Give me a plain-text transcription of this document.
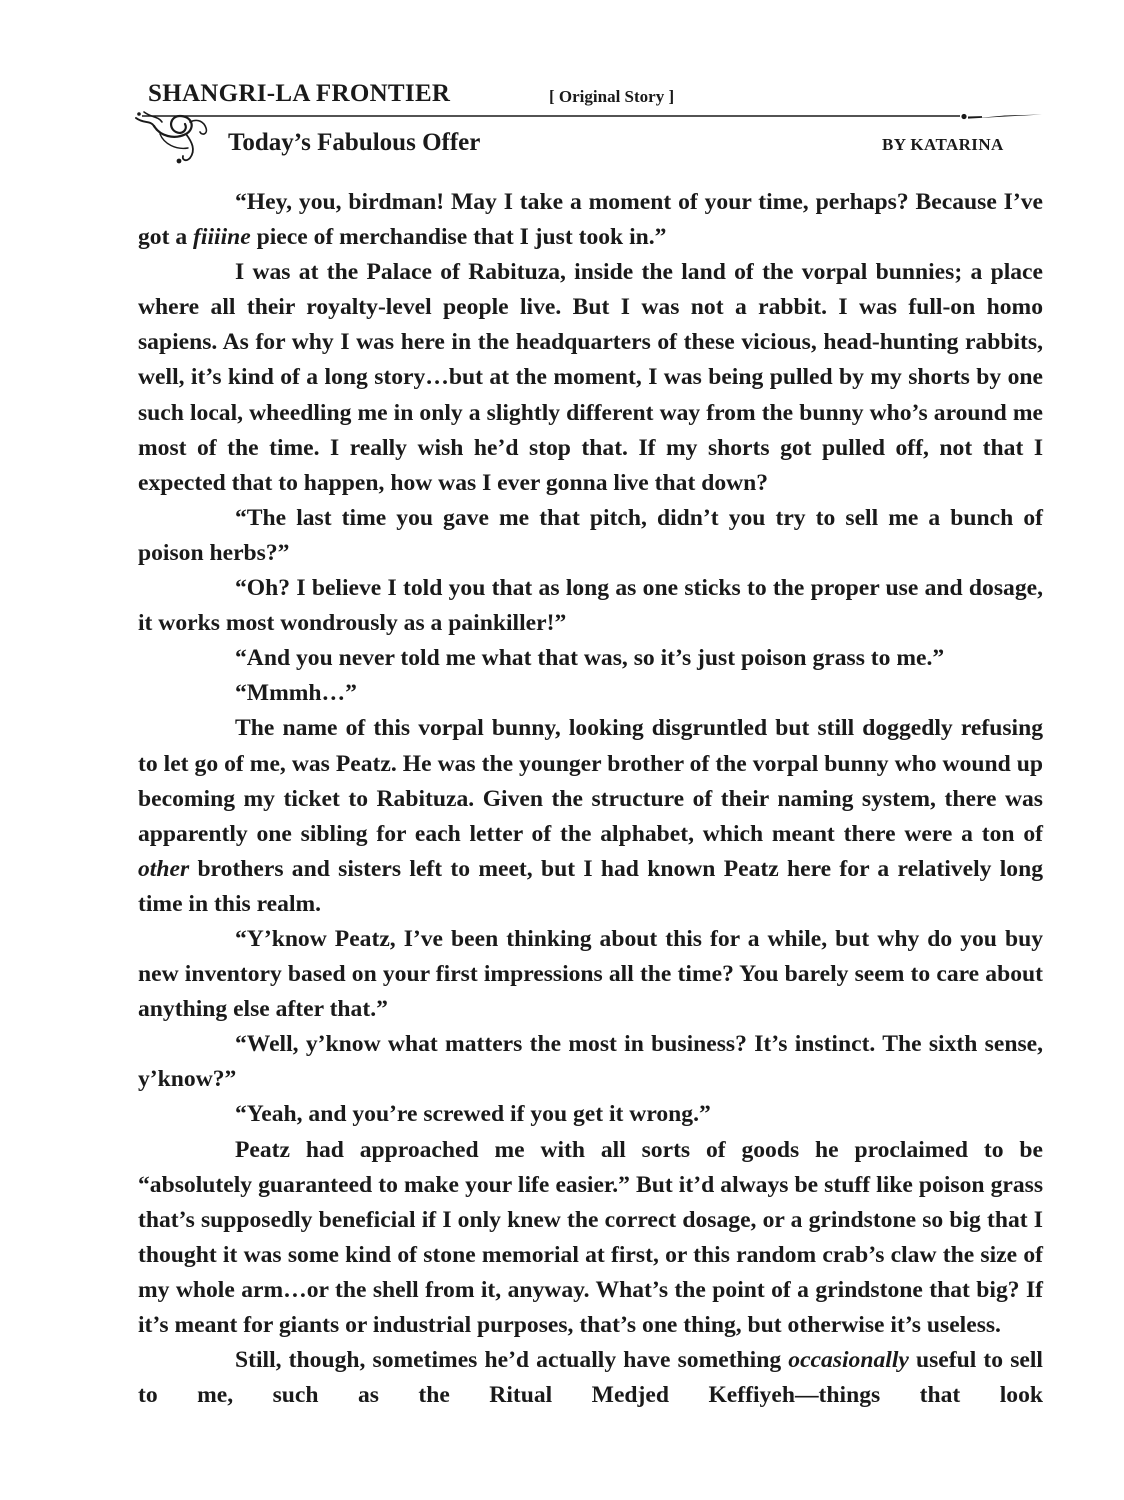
SHANGRI-LA FRONTIER	[ Original Story ]
Today’s Fabulous Offer	BY KATARINA

“Hey, you, birdman! May I take a moment of your time, perhaps? Because I’ve got a fiiiine piece of merchandise that I just took in.”

I was at the Palace of Rabituza, inside the land of the vorpal bunnies; a place where all their royalty-level people live. But I was not a rabbit. I was full-on homo sapiens. As for why I was here in the headquarters of these vicious, head-hunting rabbits, well, it’s kind of a long story…but at the moment, I was being pulled by my shorts by one such local, wheedling me in only a slightly different way from the bunny who’s around me most of the time. I really wish he’d stop that. If my shorts got pulled off, not that I expected that to happen, how was I ever gonna live that down?

“The last time you gave me that pitch, didn’t you try to sell me a bunch of poison herbs?”

“Oh? I believe I told you that as long as one sticks to the proper use and dosage, it works most wondrously as a painkiller!”

“And you never told me what that was, so it’s just poison grass to me.”

“Mmmh…”

The name of this vorpal bunny, looking disgruntled but still doggedly refusing to let go of me, was Peatz. He was the younger brother of the vorpal bunny who wound up becoming my ticket to Rabituza. Given the structure of their naming system, there was apparently one sibling for each letter of the alphabet, which meant there were a ton of other brothers and sisters left to meet, but I had known Peatz here for a relatively long time in this realm.

“Y’know Peatz, I’ve been thinking about this for a while, but why do you buy new inventory based on your first impressions all the time? You barely seem to care about anything else after that.”

“Well, y’know what matters the most in business? It’s instinct. The sixth sense, y’know?”

“Yeah, and you’re screwed if you get it wrong.”

Peatz had approached me with all sorts of goods he proclaimed to be “absolutely guaranteed to make your life easier.” But it’d always be stuff like poison grass that’s supposedly beneficial if I only knew the correct dosage, or a grindstone so big that I thought it was some kind of stone memorial at first, or this random crab’s claw the size of my whole arm…or the shell from it, anyway. What’s the point of a grindstone that big? If it’s meant for giants or industrial purposes, that’s one thing, but otherwise it’s useless.

Still, though, sometimes he’d actually have something occasionally useful to sell to me, such as the Ritual Medjed Keffiyeh—things that look
